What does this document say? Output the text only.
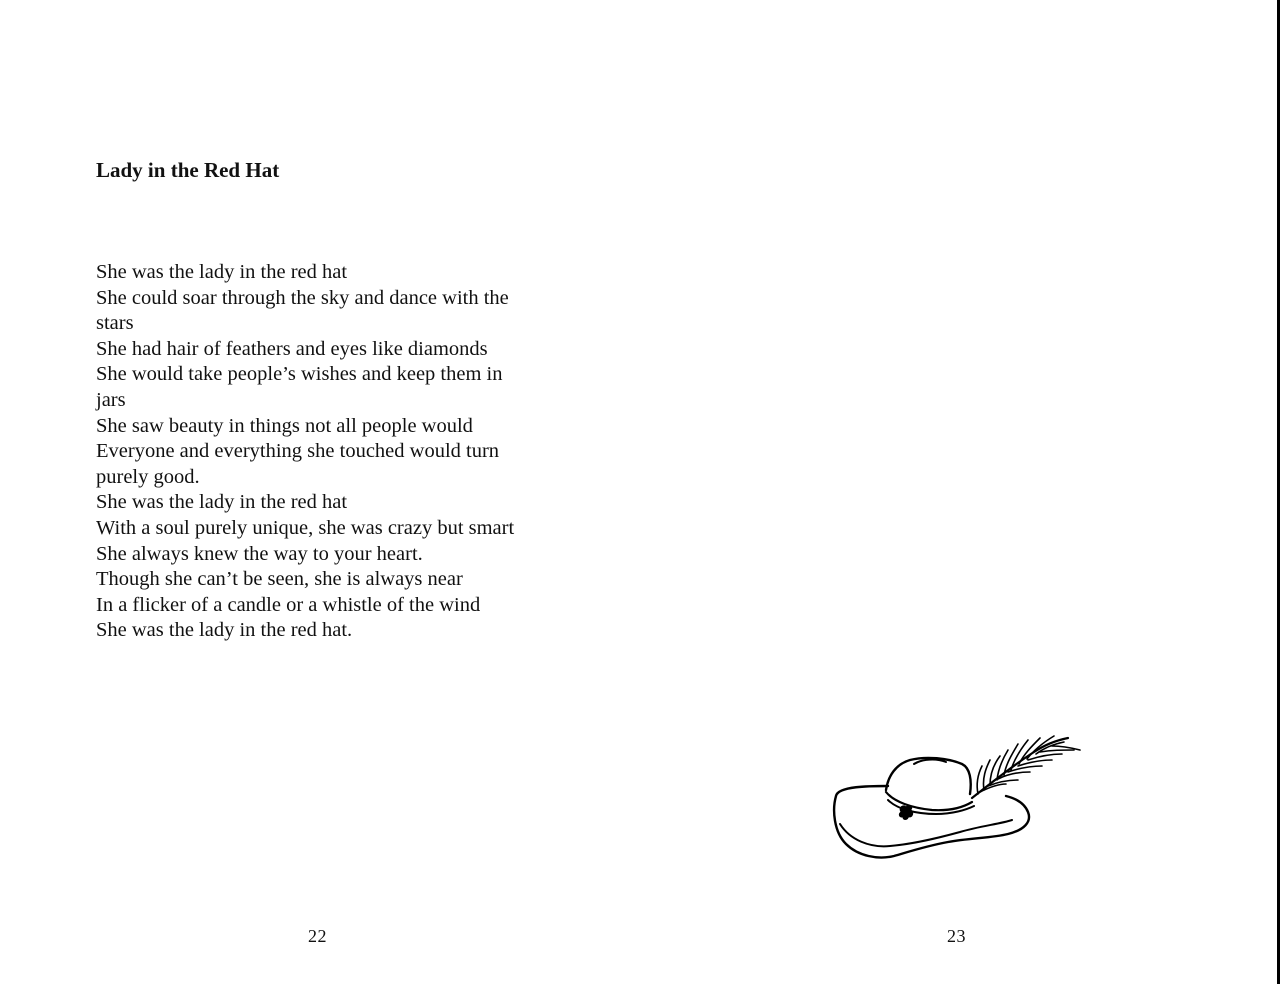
Lady in the Red Hat
She was the lady in the red hat
She could soar through the sky and dance with the
stars
She had hair of feathers and eyes like diamonds
She would take people’s wishes and keep them in
jars
She saw beauty in things not all people would
Everyone and everything she touched would turn
purely good.
She was the lady in the red hat
With a soul purely unique, she was crazy but smart
She always knew the way to your heart.
Though she can’t be seen, she is always near
In a flicker of a candle or a whistle of the wind
She was the lady in the red hat.
22	23
